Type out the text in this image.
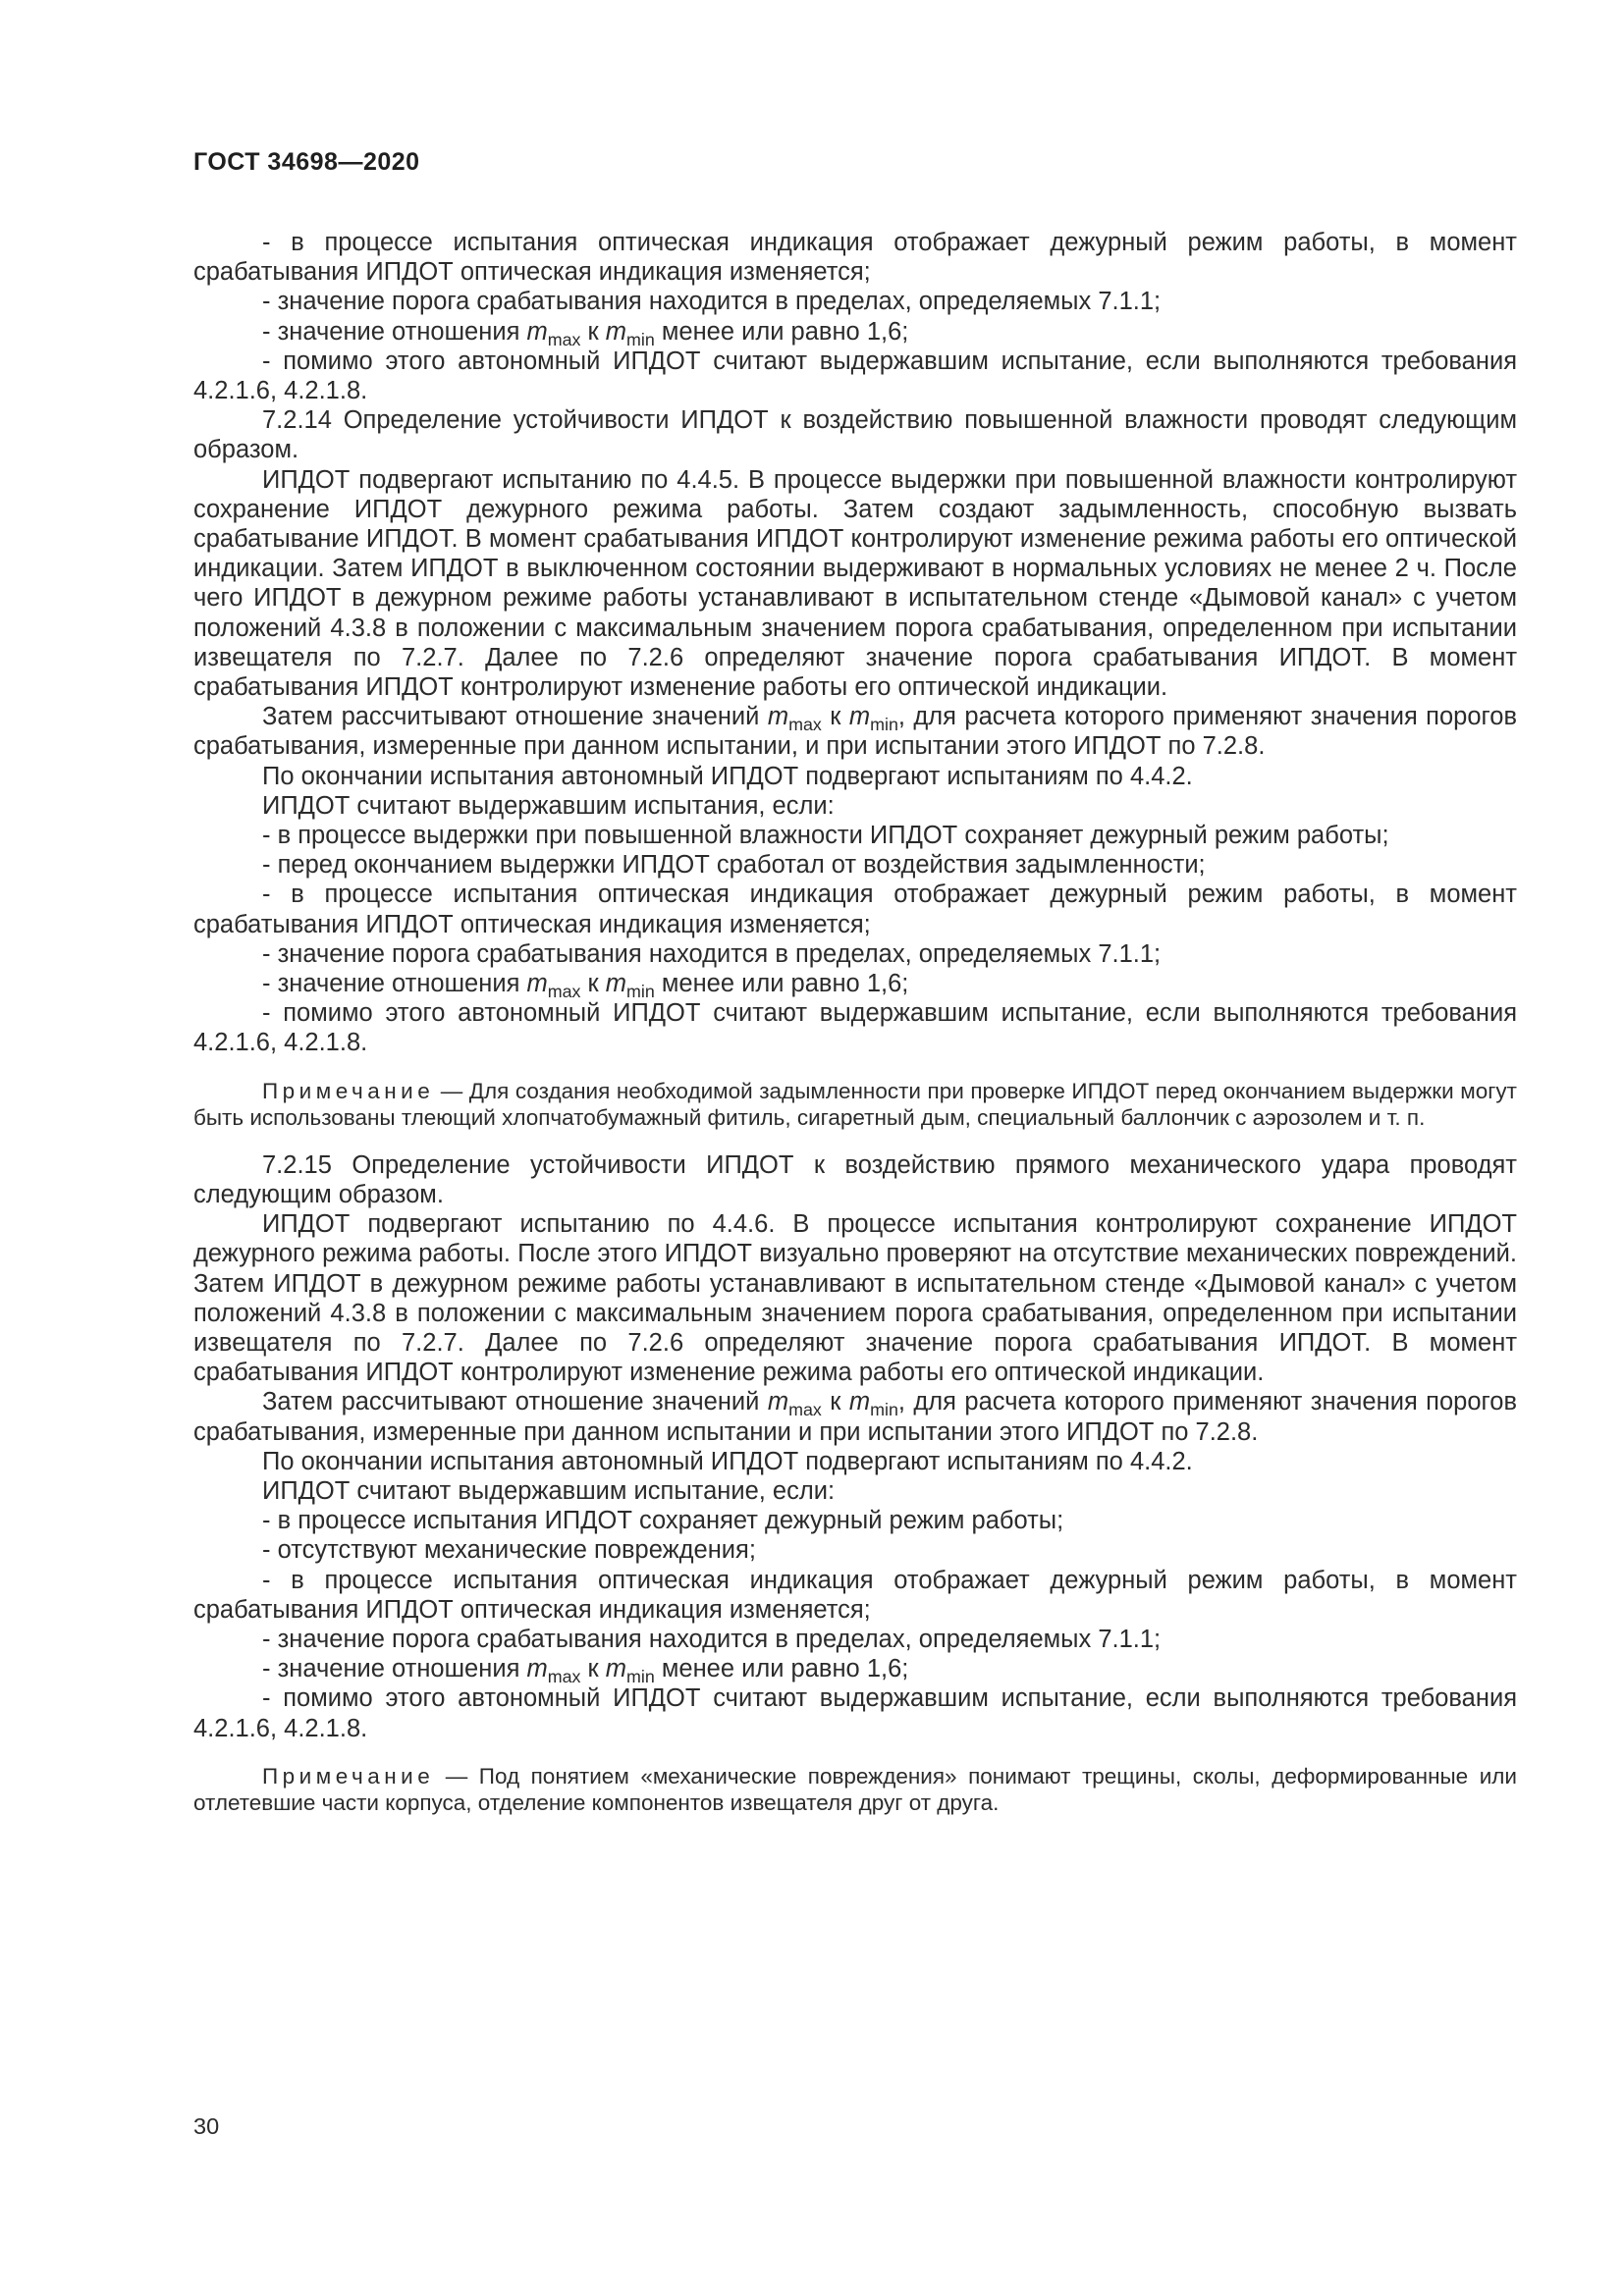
ГОСТ 34698—2020

- в процессе испытания оптическая индикация отображает дежурный режим работы, в момент срабатывания ИПДОТ оптическая индикация изменяется;

- значение порога срабатывания находится в пределах, определяемых 7.1.1;

- значение отношения $m_{max}$ к $m_{min}$ менее или равно 1,6;

- помимо этого автономный ИПДОТ считают выдержавшим испытание, если выполняются требования 4.2.1.6, 4.2.1.8.

7.2.14 Определение устойчивости ИПДОТ к воздействию повышенной влажности проводят следующим образом.

ИПДОТ подвергают испытанию по 4.4.5. В процессе выдержки при повышенной влажности контролируют сохранение ИПДОТ дежурного режима работы. Затем создают задымленность, способную вызвать срабатывание ИПДОТ. В момент срабатывания ИПДОТ контролируют изменение режима работы его оптической индикации. Затем ИПДОТ в выключенном состоянии выдерживают в нормальных условиях не менее 2 ч. После чего ИПДОТ в дежурном режиме работы устанавливают в испытательном стенде «Дымовой канал» с учетом положений 4.3.8 в положении с максимальным значением порога срабатывания, определенном при испытании извещателя по 7.2.7. Далее по 7.2.6 определяют значение порога срабатывания ИПДОТ. В момент срабатывания ИПДОТ контролируют изменение работы его оптической индикации.

Затем рассчитывают отношение значений $m_{max}$ к $m_{min}$, для расчета которого применяют значения порогов срабатывания, измеренные при данном испытании, и при испытании этого ИПДОТ по 7.2.8.

По окончании испытания автономный ИПДОТ подвергают испытаниям по 4.4.2.

ИПДОТ считают выдержавшим испытания, если:

- в процессе выдержки при повышенной влажности ИПДОТ сохраняет дежурный режим работы;

- перед окончанием выдержки ИПДОТ сработал от воздействия задымленности;

- в процессе испытания оптическая индикация отображает дежурный режим работы, в момент срабатывания ИПДОТ оптическая индикация изменяется;

- значение порога срабатывания находится в пределах, определяемых 7.1.1;

- значение отношения $m_{max}$ к $m_{min}$ менее или равно 1,6;

- помимо этого автономный ИПДОТ считают выдержавшим испытание, если выполняются требования 4.2.1.6, 4.2.1.8.

Примечание — Для создания необходимой задымленности при проверке ИПДОТ перед окончанием выдержки могут быть использованы тлеющий хлопчатобумажный фитиль, сигаретный дым, специальный баллончик с аэрозолем и т. п.

7.2.15 Определение устойчивости ИПДОТ к воздействию прямого механического удара проводят следующим образом.

ИПДОТ подвергают испытанию по 4.4.6. В процессе испытания контролируют сохранение ИПДОТ дежурного режима работы. После этого ИПДОТ визуально проверяют на отсутствие механических повреждений. Затем ИПДОТ в дежурном режиме работы устанавливают в испытательном стенде «Дымовой канал» с учетом положений 4.3.8 в положении с максимальным значением порога срабатывания, определенном при испытании извещателя по 7.2.7. Далее по 7.2.6 определяют значение порога срабатывания ИПДОТ. В момент срабатывания ИПДОТ контролируют изменение режима работы его оптической индикации.

Затем рассчитывают отношение значений $m_{max}$ к $m_{min}$, для расчета которого применяют значения порогов срабатывания, измеренные при данном испытании и при испытании этого ИПДОТ по 7.2.8.

По окончании испытания автономный ИПДОТ подвергают испытаниям по 4.4.2.

ИПДОТ считают выдержавшим испытание, если:

- в процессе испытания ИПДОТ сохраняет дежурный режим работы;

- отсутствуют механические повреждения;

- в процессе испытания оптическая индикация отображает дежурный режим работы, в момент срабатывания ИПДОТ оптическая индикация изменяется;

- значение порога срабатывания находится в пределах, определяемых 7.1.1;

- значение отношения $m_{max}$ к $m_{min}$ менее или равно 1,6;

- помимо этого автономный ИПДОТ считают выдержавшим испытание, если выполняются требования 4.2.1.6, 4.2.1.8.

Примечание — Под понятием «механические повреждения» понимают трещины, сколы, деформированные или отлетевшие части корпуса, отделение компонентов извещателя друг от друга.

30
